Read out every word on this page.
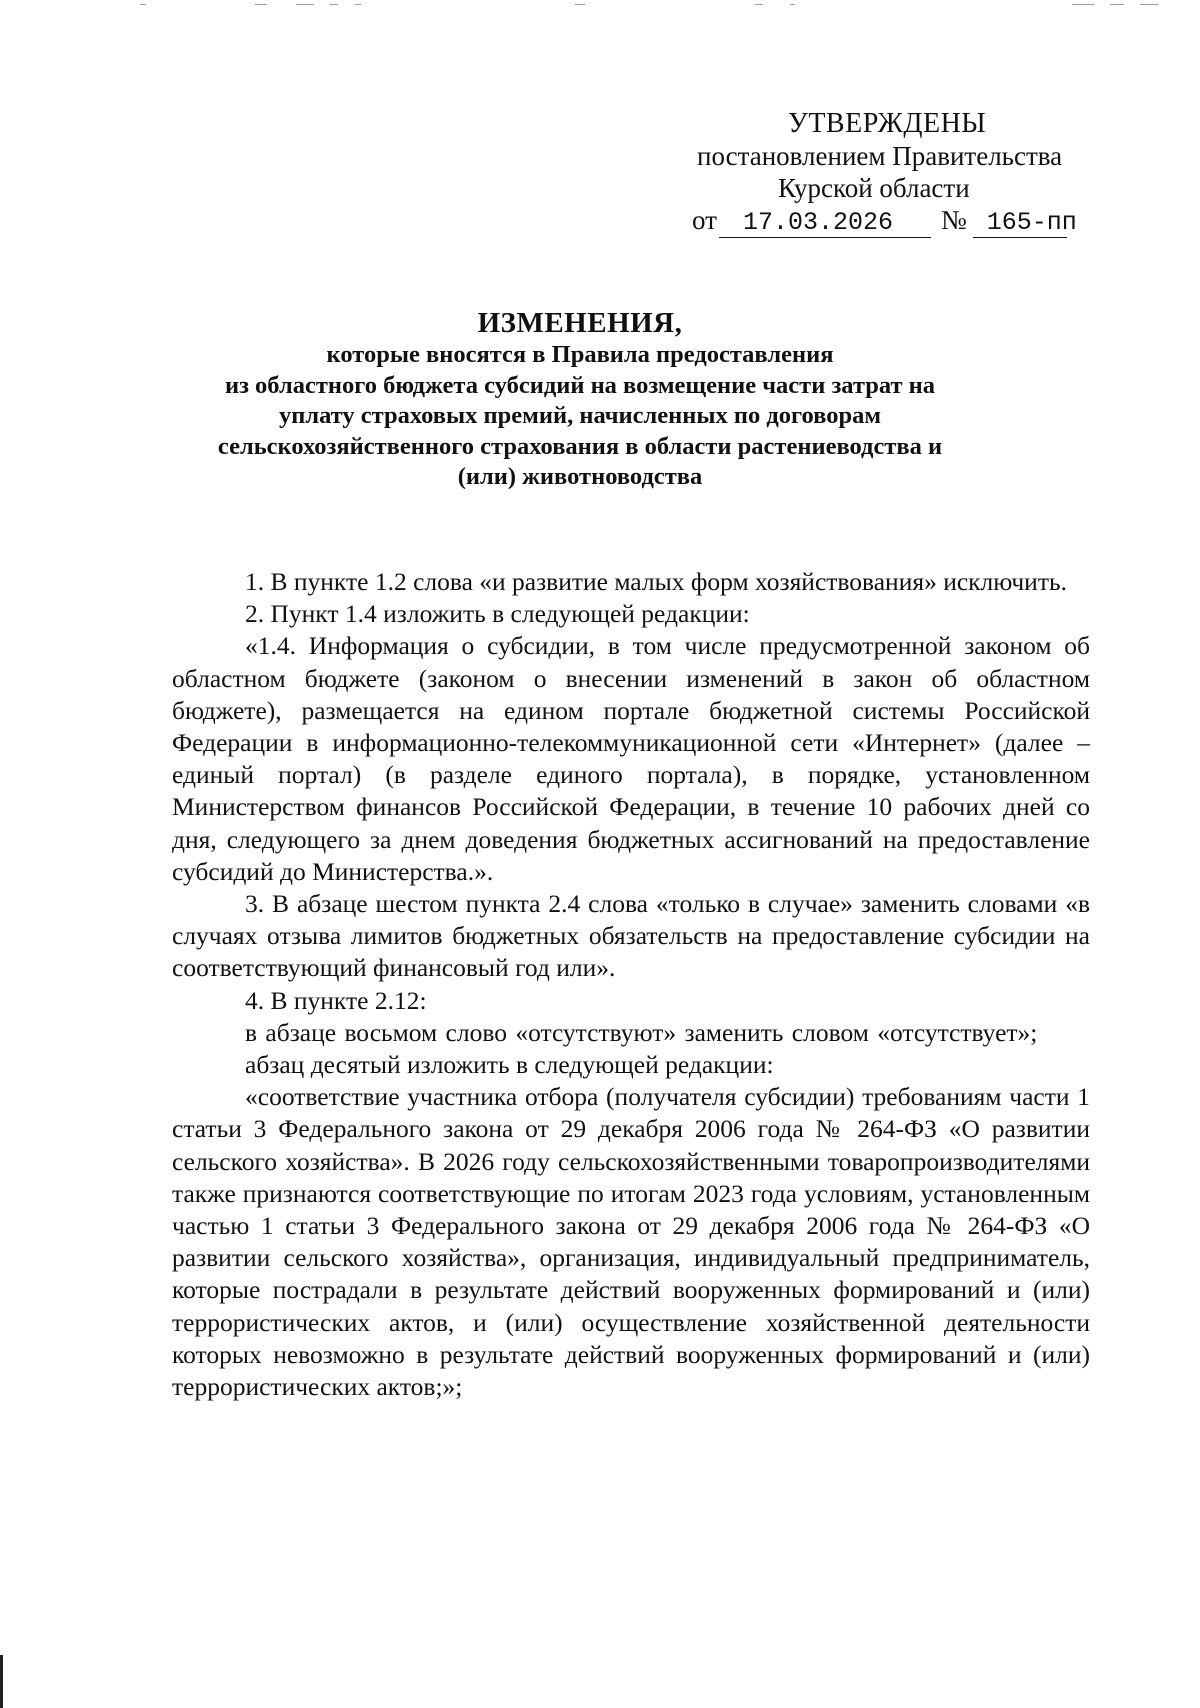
УТВЕРЖДЕНЫ
постановлением Правительства
Курской области
от	17.03.2026	№ 165-пп
ИЗМЕНЕНИЯ,
которые вносятся в Правила предоставления
из областного бюджета субсидий на возмещение части затрат на
уплату страховых премий, начисленных по договорам
сельскохозяйственного страхования в области растениеводства и
(или) животноводства

1. В пункте 1.2 слова «и развитие малых форм хозяйствования» исключить.

2. Пункт 1.4 изложить в следующей редакции:

«1.4. Информация о субсидии, в том числе предусмотренной законом об областном бюджете (законом о внесении изменений в закон об областном бюджете), размещается на едином портале бюджетной системы Российской Федерации в информационно-телекоммуникационной сети «Интернет» (далее – единый портал) (в разделе единого портала), в порядке, установленном Министерством финансов Российской Федерации, в течение 10 рабочих дней со дня, следующего за днем доведения бюджетных ассигнований на предоставление субсидий до Министерства.».

3. В абзаце шестом пункта 2.4 слова «только в случае» заменить словами «в случаях отзыва лимитов бюджетных обязательств на предоставление субсидии на соответствующий финансовый год или».

4. В пункте 2.12:

в абзаце восьмом слово «отсутствуют» заменить словом «отсутствует»;

абзац десятый изложить в следующей редакции:

«соответствие участника отбора (получателя субсидии) требованиям части 1 статьи 3 Федерального закона от 29 декабря 2006 года № 264-ФЗ «О развитии сельского хозяйства». В 2026 году сельскохозяйственными товаропроизводителями также признаются соответствующие по итогам 2023 года условиям, установленным частью 1 статьи 3 Федерального закона от 29 декабря 2006 года № 264-ФЗ «О развитии сельского хозяйства», организация, индивидуальный предприниматель, которые пострадали в результате действий вооруженных формирований и (или) террористических актов, и (или) осуществление хозяйственной деятельности которых невозможно в результате действий вооруженных формирований и (или) террористических актов;»;
